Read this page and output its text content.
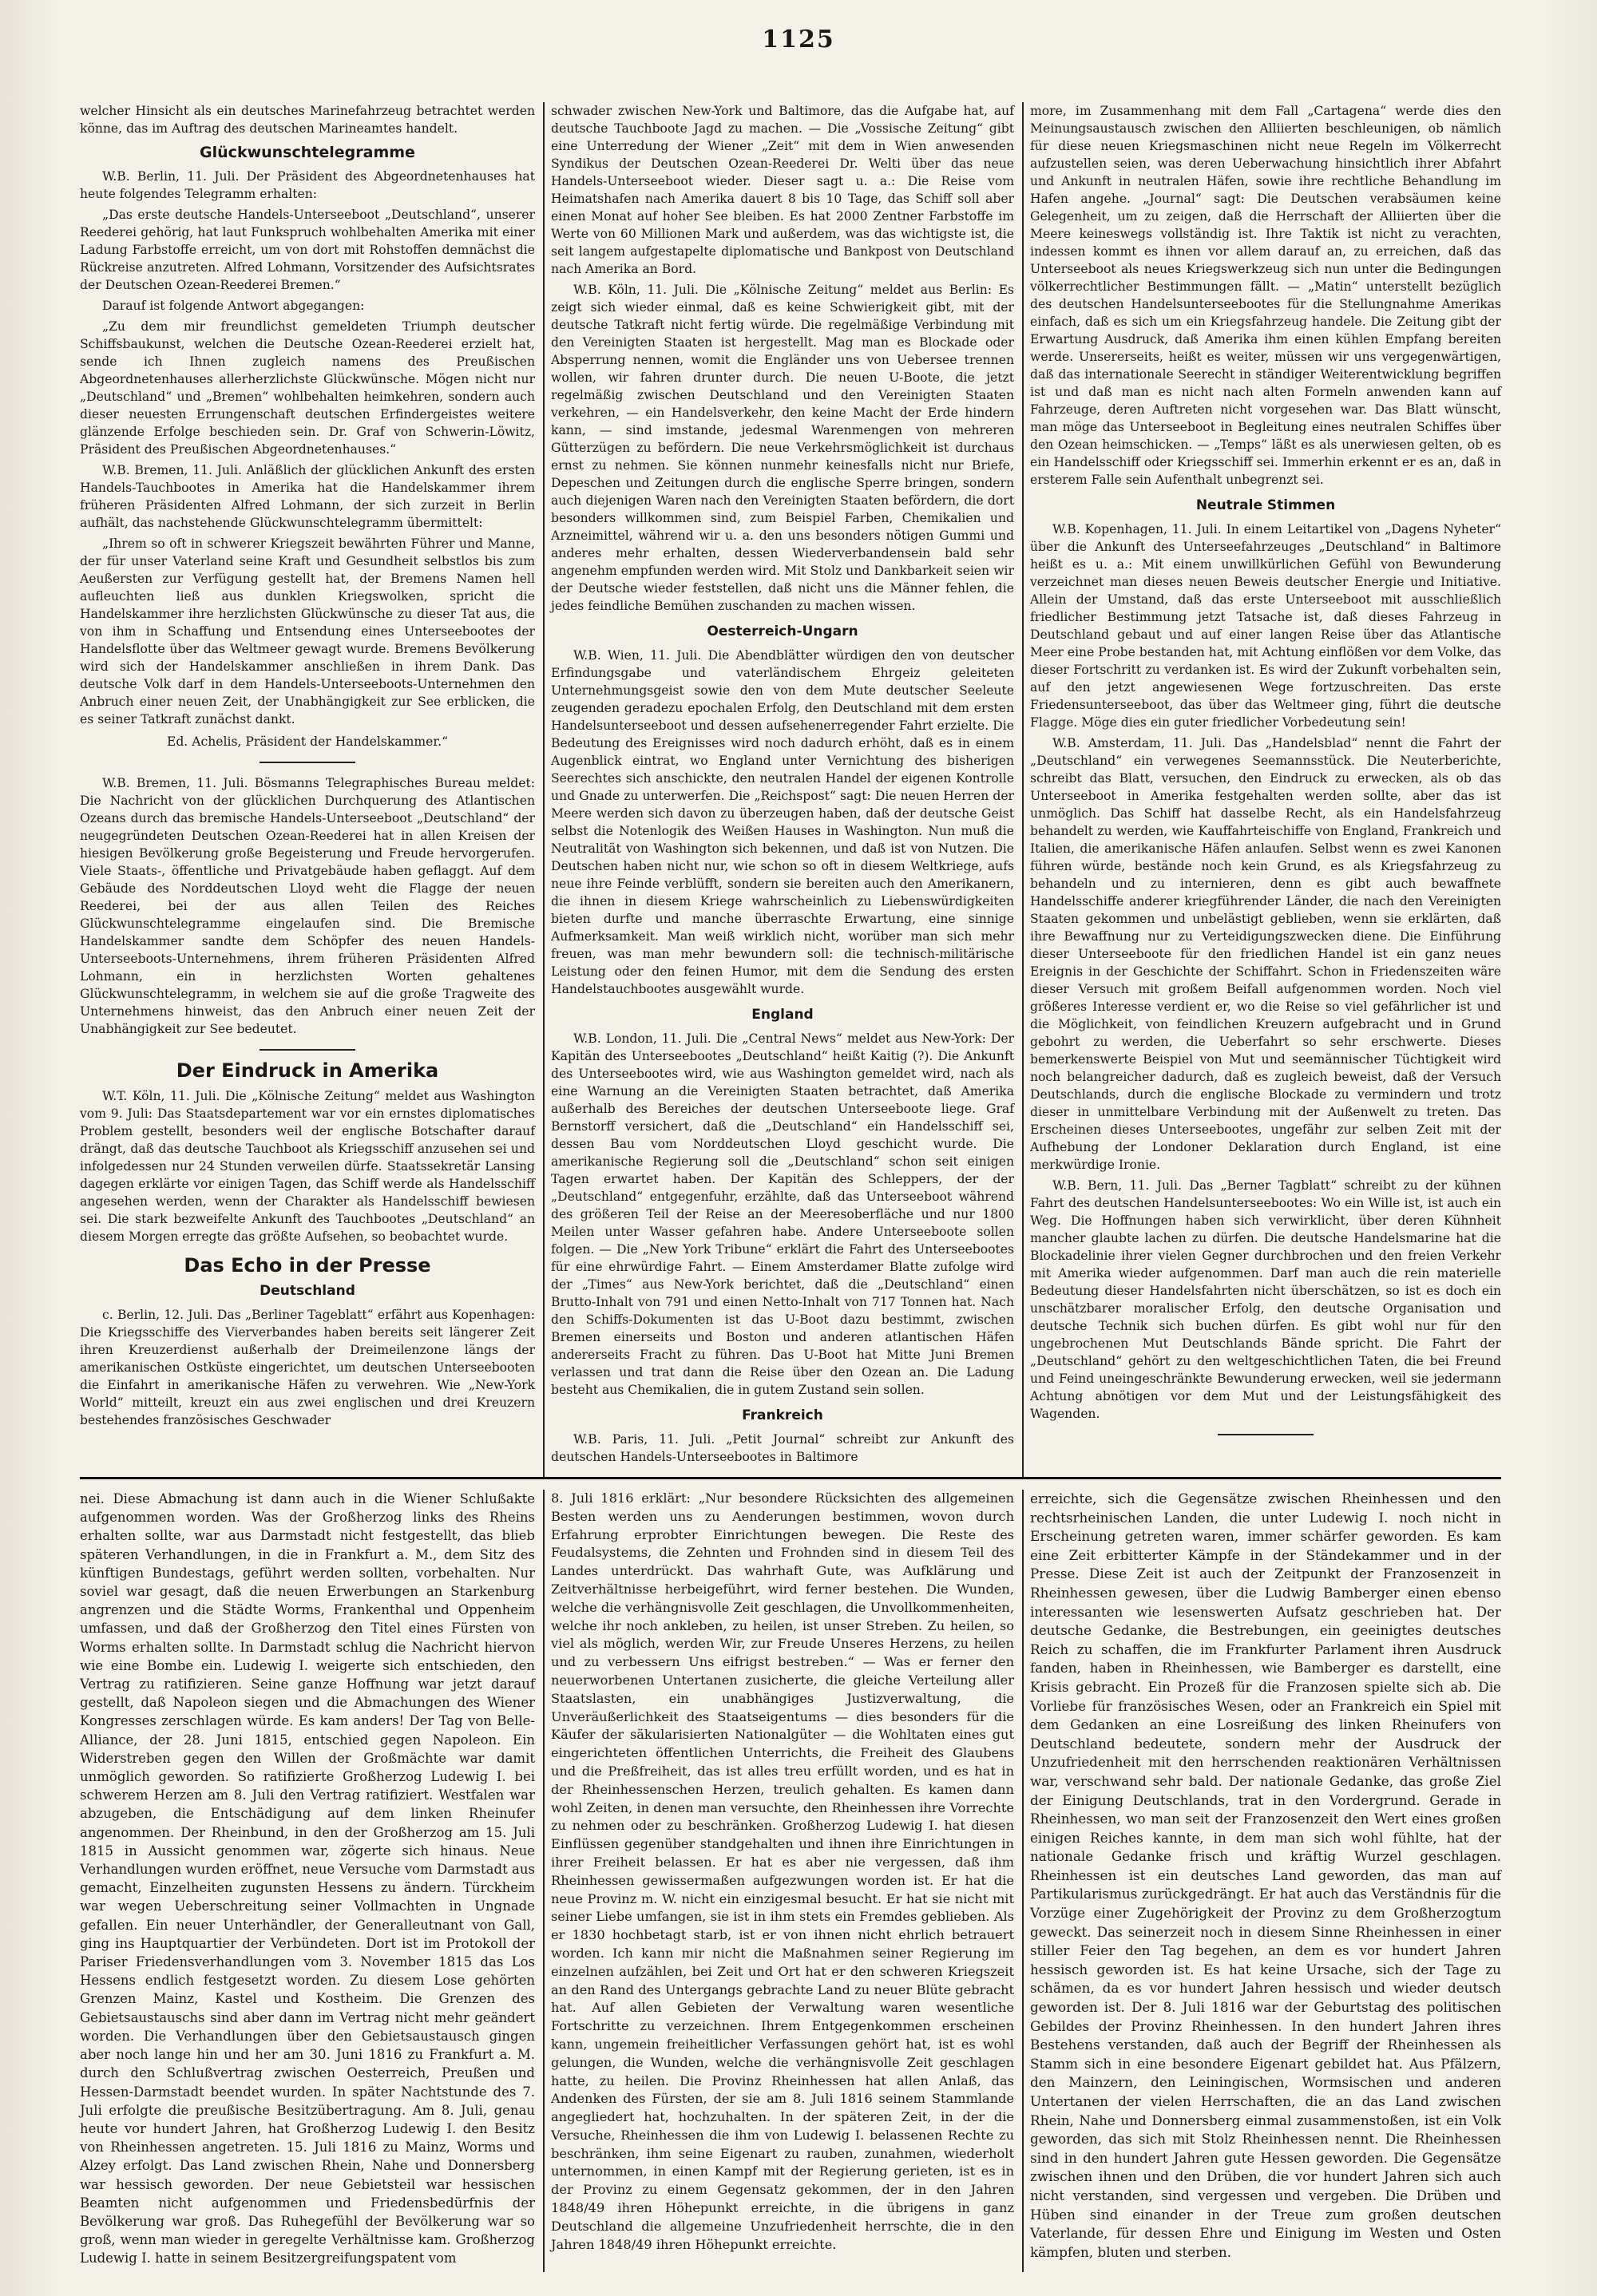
1125

welcher Hinsicht als ein deutsches Marinefahrzeug betrachtet werden könne, das im Auftrag des deutschen Marineamtes handelt.

Glückwunschtelegramme

W.B. Berlin, 11. Juli. Der Präsident des Abgeordnetenhauses hat heute folgendes Telegramm erhalten:

„Das erste deutsche Handels-Unterseeboot „Deutschland“, unserer Reederei gehörig, hat laut Funkspruch wohlbehalten Amerika mit einer Ladung Farbstoffe erreicht, um von dort mit Rohstoffen demnächst die Rückreise anzutreten. Alfred Lohmann, Vorsitzender des Aufsichtsrates der Deutschen Ozean-Reederei Bremen.“

Darauf ist folgende Antwort abgegangen:

„Zu dem mir freundlichst gemeldeten Triumph deutscher Schiffsbaukunst, welchen die Deutsche Ozean-Reederei erzielt hat, sende ich Ihnen zugleich namens des Preußischen Abgeordnetenhauses allerherzlichste Glückwünsche. Mögen nicht nur „Deutschland“ und „Bremen“ wohlbehalten heimkehren, sondern auch dieser neuesten Errungenschaft deutschen Erfindergeistes weitere glänzende Erfolge beschieden sein. Dr. Graf von Schwerin-Löwitz, Präsident des Preußischen Abgeordnetenhauses.“

W.B. Bremen, 11. Juli. Anläßlich der glücklichen Ankunft des ersten Handels-Tauchbootes in Amerika hat die Handelskammer ihrem früheren Präsidenten Alfred Lohmann, der sich zurzeit in Berlin aufhält, das nachstehende Glückwunschtelegramm übermittelt:

„Ihrem so oft in schwerer Kriegszeit bewährten Führer und Manne, der für unser Vaterland seine Kraft und Gesundheit selbstlos bis zum Aeußersten zur Verfügung gestellt hat, der Bremens Namen hell aufleuchten ließ aus dunklen Kriegswolken, spricht die Handelskammer ihre herzlichsten Glückwünsche zu dieser Tat aus, die von ihm in Schaffung und Entsendung eines Unterseebootes der Handelsflotte über das Weltmeer gewagt wurde. Bremens Bevölkerung wird sich der Handelskammer anschließen in ihrem Dank. Das deutsche Volk darf in dem Handels-Unterseeboots-Unternehmen den Anbruch einer neuen Zeit, der Unabhängigkeit zur See erblicken, die es seiner Tatkraft zunächst dankt.

Ed. Achelis, Präsident der Handelskammer.“

W.B. Bremen, 11. Juli. Bösmanns Telegraphisches Bureau meldet: Die Nachricht von der glücklichen Durchquerung des Atlantischen Ozeans durch das bremische Handels-Unterseeboot „Deutschland“ der neugegründeten Deutschen Ozean-Reederei hat in allen Kreisen der hiesigen Bevölkerung große Begeisterung und Freude hervorgerufen. Viele Staats-, öffentliche und Privatgebäude haben geflaggt. Auf dem Gebäude des Norddeutschen Lloyd weht die Flagge der neuen Reederei, bei der aus allen Teilen des Reiches Glückwunschtelegramme eingelaufen sind. Die Bremische Handelskammer sandte dem Schöpfer des neuen Handels-Unterseeboots-Unternehmens, ihrem früheren Präsidenten Alfred Lohmann, ein in herzlichsten Worten gehaltenes Glückwunschtelegramm, in welchem sie auf die große Tragweite des Unternehmens hinweist, das den Anbruch einer neuen Zeit der Unabhängigkeit zur See bedeutet.

Der Eindruck in Amerika

W.T. Köln, 11. Juli. Die „Kölnische Zeitung“ meldet aus Washington vom 9. Juli: Das Staatsdepartement war vor ein ernstes diplomatisches Problem gestellt, besonders weil der englische Botschafter darauf drängt, daß das deutsche Tauchboot als Kriegsschiff anzusehen sei und infolgedessen nur 24 Stunden verweilen dürfe. Staatssekretär Lansing dagegen erklärte vor einigen Tagen, das Schiff werde als Handelsschiff angesehen werden, wenn der Charakter als Handelsschiff bewiesen sei. Die stark bezweifelte Ankunft des Tauchbootes „Deutschland“ an diesem Morgen erregte das größte Aufsehen, so beobachtet wurde.

Das Echo in der Presse
Deutschland

c. Berlin, 12. Juli. Das „Berliner Tageblatt“ erfährt aus Kopenhagen: Die Kriegsschiffe des Vierverbandes haben bereits seit längerer Zeit ihren Kreuzerdienst außerhalb der Dreimeilenzone längs der amerikanischen Ostküste eingerichtet, um deutschen Unterseebooten die Einfahrt in amerikanische Häfen zu verwehren. Wie „New-York World“ mitteilt, kreuzt ein aus zwei englischen und drei Kreuzern bestehendes französisches Geschwader

schwader zwischen New-York und Baltimore, das die Aufgabe hat, auf deutsche Tauchboote Jagd zu machen. — Die „Vossische Zeitung“ gibt eine Unterredung der Wiener „Zeit“ mit dem in Wien anwesenden Syndikus der Deutschen Ozean-Reederei Dr. Welti über das neue Handels-Unterseeboot wieder. Dieser sagt u. a.: Die Reise vom Heimatshafen nach Amerika dauert 8 bis 10 Tage, das Schiff soll aber einen Monat auf hoher See bleiben. Es hat 2000 Zentner Farbstoffe im Werte von 60 Millionen Mark und außerdem, was das wichtigste ist, die seit langem aufgestapelte diplomatische und Bankpost von Deutschland nach Amerika an Bord.

W.B. Köln, 11. Juli. Die „Kölnische Zeitung“ meldet aus Berlin: Es zeigt sich wieder einmal, daß es keine Schwierigkeit gibt, mit der deutsche Tatkraft nicht fertig würde. Die regelmäßige Verbindung mit den Vereinigten Staaten ist hergestellt. Mag man es Blockade oder Absperrung nennen, womit die Engländer uns von Uebersee trennen wollen, wir fahren drunter durch. Die neuen U-Boote, die jetzt regelmäßig zwischen Deutschland und den Vereinigten Staaten verkehren, — ein Handelsverkehr, den keine Macht der Erde hindern kann, — sind imstande, jedesmal Warenmengen von mehreren Gütterzügen zu befördern. Die neue Verkehrsmöglichkeit ist durchaus ernst zu nehmen. Sie können nunmehr keinesfalls nicht nur Briefe, Depeschen und Zeitungen durch die englische Sperre bringen, sondern auch diejenigen Waren nach den Vereinigten Staaten befördern, die dort besonders willkommen sind, zum Beispiel Farben, Chemikalien und Arzneimittel, während wir u. a. den uns besonders nötigen Gummi und anderes mehr erhalten, dessen Wiederverbandensein bald sehr angenehm empfunden werden wird. Mit Stolz und Dankbarkeit seien wir der Deutsche wieder feststellen, daß nicht uns die Männer fehlen, die jedes feindliche Bemühen zuschanden zu machen wissen.

Oesterreich-Ungarn

W.B. Wien, 11. Juli. Die Abendblätter würdigen den von deutscher Erfindungsgabe und vaterländischem Ehrgeiz geleiteten Unternehmungsgeist sowie den von dem Mute deutscher Seeleute zeugenden geradezu epochalen Erfolg, den Deutschland mit dem ersten Handelsunterseeboot und dessen aufsehenerregender Fahrt erzielte. Die Bedeutung des Ereignisses wird noch dadurch erhöht, daß es in einem Augenblick eintrat, wo England unter Vernichtung des bisherigen Seerechtes sich anschickte, den neutralen Handel der eigenen Kontrolle und Gnade zu unterwerfen. Die „Reichspost“ sagt: Die neuen Herren der Meere werden sich davon zu überzeugen haben, daß der deutsche Geist selbst die Notenlogik des Weißen Hauses in Washington. Nun muß die Neutralität von Washington sich bekennen, und daß ist von Nutzen. Die Deutschen haben nicht nur, wie schon so oft in diesem Weltkriege, aufs neue ihre Feinde verblüfft, sondern sie bereiten auch den Amerikanern, die ihnen in diesem Kriege wahrscheinlich zu Liebenswürdigkeiten bieten durfte und manche überraschte Erwartung, eine sinnige Aufmerksamkeit. Man weiß wirklich nicht, worüber man sich mehr freuen, was man mehr bewundern soll: die technisch-militärische Leistung oder den feinen Humor, mit dem die Sendung des ersten Handelstauchbootes ausgewählt wurde.

England

W.B. London, 11. Juli. Die „Central News“ meldet aus New-York: Der Kapitän des Unterseebootes „Deutschland“ heißt Kaitig (?). Die Ankunft des Unterseebootes wird, wie aus Washington gemeldet wird, nach als eine Warnung an die Vereinigten Staaten betrachtet, daß Amerika außerhalb des Bereiches der deutschen Unterseeboote liege. Graf Bernstorff versichert, daß die „Deutschland“ ein Handelsschiff sei, dessen Bau vom Norddeutschen Lloyd geschicht wurde. Die amerikanische Regierung soll die „Deutschland“ schon seit einigen Tagen erwartet haben. Der Kapitän des Schleppers, der der „Deutschland“ entgegenfuhr, erzählte, daß das Unterseeboot während des größeren Teil der Reise an der Meeresoberfläche und nur 1800 Meilen unter Wasser gefahren habe. Andere Unterseeboote sollen folgen. — Die „New York Tribune“ erklärt die Fahrt des Unterseebootes für eine ehrwürdige Fahrt. — Einem Amsterdamer Blatte zufolge wird der „Times“ aus New-York berichtet, daß die „Deutschland“ einen Brutto-Inhalt von 791 und einen Netto-Inhalt von 717 Tonnen hat. Nach den Schiffs-Dokumenten ist das U-Boot dazu bestimmt, zwischen Bremen einerseits und Boston und anderen atlantischen Häfen andererseits Fracht zu führen. Das U-Boot hat Mitte Juni Bremen verlassen und trat dann die Reise über den Ozean an. Die Ladung besteht aus Chemikalien, die in gutem Zustand sein sollen.

Frankreich

W.B. Paris, 11. Juli. „Petit Journal“ schreibt zur Ankunft des deutschen Handels-Unterseebootes in Baltimore

more, im Zusammenhang mit dem Fall „Cartagena“ werde dies den Meinungsaustausch zwischen den Alliierten beschleunigen, ob nämlich für diese neuen Kriegsmaschinen nicht neue Regeln im Völkerrecht aufzustellen seien, was deren Ueberwachung hinsichtlich ihrer Abfahrt und Ankunft in neutralen Häfen, sowie ihre rechtliche Behandlung im Hafen angehe. „Journal“ sagt: Die Deutschen verabsäumen keine Gelegenheit, um zu zeigen, daß die Herrschaft der Alliierten über die Meere keineswegs vollständig ist. Ihre Taktik ist nicht zu verachten, indessen kommt es ihnen vor allem darauf an, zu erreichen, daß das Unterseeboot als neues Kriegswerkzeug sich nun unter die Bedingungen völkerrechtlicher Bestimmungen fällt. — „Matin“ unterstellt bezüglich des deutschen Handelsunterseebootes für die Stellungnahme Amerikas einfach, daß es sich um ein Kriegsfahrzeug handele. Die Zeitung gibt der Erwartung Ausdruck, daß Amerika ihm einen kühlen Empfang bereiten werde. Unsererseits, heißt es weiter, müssen wir uns vergegenwärtigen, daß das internationale Seerecht in ständiger Weiterentwicklung begriffen ist und daß man es nicht nach alten Formeln anwenden kann auf Fahrzeuge, deren Auftreten nicht vorgesehen war. Das Blatt wünscht, man möge das Unterseeboot in Begleitung eines neutralen Schiffes über den Ozean heimschicken. — „Temps“ läßt es als unerwiesen gelten, ob es ein Handelsschiff oder Kriegsschiff sei. Immerhin erkennt er es an, daß in ersterem Falle sein Aufenthalt unbegrenzt sei.

Neutrale Stimmen

W.B. Kopenhagen, 11. Juli. In einem Leitartikel von „Dagens Nyheter“ über die Ankunft des Unterseefahrzeuges „Deutschland“ in Baltimore heißt es u. a.: Mit einem unwillkürlichen Gefühl von Bewunderung verzeichnet man dieses neuen Beweis deutscher Energie und Initiative. Allein der Umstand, daß das erste Unterseeboot mit ausschließlich friedlicher Bestimmung jetzt Tatsache ist, daß dieses Fahrzeug in Deutschland gebaut und auf einer langen Reise über das Atlantische Meer eine Probe bestanden hat, mit Achtung einflößen vor dem Volke, das dieser Fortschritt zu verdanken ist. Es wird der Zukunft vorbehalten sein, auf den jetzt angewiesenen Wege fortzuschreiten. Das erste Friedensunterseeboot, das über das Weltmeer ging, führt die deutsche Flagge. Möge dies ein guter friedlicher Vorbedeutung sein!

W.B. Amsterdam, 11. Juli. Das „Handelsblad“ nennt die Fahrt der „Deutschland“ ein verwegenes Seemannsstück. Die Neuterberichte, schreibt das Blatt, versuchen, den Eindruck zu erwecken, als ob das Unterseeboot in Amerika festgehalten werden sollte, aber das ist unmöglich. Das Schiff hat dasselbe Recht, als ein Handelsfahrzeug behandelt zu werden, wie Kauffahrteischiffe von England, Frankreich und Italien, die amerikanische Häfen anlaufen. Selbst wenn es zwei Kanonen führen würde, bestände noch kein Grund, es als Kriegsfahrzeug zu behandeln und zu internieren, denn es gibt auch bewaffnete Handelsschiffe anderer kriegführender Länder, die nach den Vereinigten Staaten gekommen und unbelästigt geblieben, wenn sie erklärten, daß ihre Bewaffnung nur zu Verteidigungszwecken diene. Die Einführung dieser Unterseeboote für den friedlichen Handel ist ein ganz neues Ereignis in der Geschichte der Schiffahrt. Schon in Friedenszeiten wäre dieser Versuch mit großem Beifall aufgenommen worden. Noch viel größeres Interesse verdient er, wo die Reise so viel gefährlicher ist und die Möglichkeit, von feindlichen Kreuzern aufgebracht und in Grund gebohrt zu werden, die Ueberfahrt so sehr erschwerte. Dieses bemerkenswerte Beispiel von Mut und seemännischer Tüchtigkeit wird noch belangreicher dadurch, daß es zugleich beweist, daß der Versuch Deutschlands, durch die englische Blockade zu vermindern und trotz dieser in unmittelbare Verbindung mit der Außenwelt zu treten. Das Erscheinen dieses Unterseebootes, ungefähr zur selben Zeit mit der Aufhebung der Londoner Deklaration durch England, ist eine merkwürdige Ironie.

W.B. Bern, 11. Juli. Das „Berner Tagblatt“ schreibt zu der kühnen Fahrt des deutschen Handelsunterseebootes: Wo ein Wille ist, ist auch ein Weg. Die Hoffnungen haben sich verwirklicht, über deren Kühnheit mancher glaubte lachen zu dürfen. Die deutsche Handelsmarine hat die Blockadelinie ihrer vielen Gegner durchbrochen und den freien Verkehr mit Amerika wieder aufgenommen. Darf man auch die rein materielle Bedeutung dieser Handelsfahrten nicht überschätzen, so ist es doch ein unschätzbarer moralischer Erfolg, den deutsche Organisation und deutsche Technik sich buchen dürfen. Es gibt wohl nur für den ungebrochenen Mut Deutschlands Bände spricht. Die Fahrt der „Deutschland“ gehört zu den weltgeschichtlichen Taten, die bei Freund und Feind uneingeschränkte Bewunderung erwecken, weil sie jedermann Achtung abnötigen vor dem Mut und der Leistungsfähigkeit des Wagenden.

nei. Diese Abmachung ist dann auch in die Wiener Schlußakte aufgenommen worden. Was der Großherzog links des Rheins erhalten sollte, war aus Darmstadt nicht festgestellt, das blieb späteren Verhandlungen, in die in Frankfurt a. M., dem Sitz des künftigen Bundestags, geführt werden sollten, vorbehalten. Nur soviel war gesagt, daß die neuen Erwerbungen an Starkenburg angrenzen und die Städte Worms, Frankenthal und Oppenheim umfassen, und daß der Großherzog den Titel eines Fürsten von Worms erhalten sollte. In Darmstadt schlug die Nachricht hiervon wie eine Bombe ein. Ludewig I. weigerte sich entschieden, den Vertrag zu ratifizieren. Seine ganze Hoffnung war jetzt darauf gestellt, daß Napoleon siegen und die Abmachungen des Wiener Kongresses zerschlagen würde. Es kam anders! Der Tag von Belle-Alliance, der 28. Juni 1815, entschied gegen Napoleon. Ein Widerstreben gegen den Willen der Großmächte war damit unmöglich geworden. So ratifizierte Großherzog Ludewig I. bei schwerem Herzen am 8. Juli den Vertrag ratifiziert. Westfalen war abzugeben, die Entschädigung auf dem linken Rheinufer angenommen. Der Rheinbund, in den der Großherzog am 15. Juli 1815 in Aussicht genommen war, zögerte sich hinaus. Neue Verhandlungen wurden eröffnet, neue Versuche vom Darmstadt aus gemacht, Einzelheiten zugunsten Hessens zu ändern. Türckheim war wegen Ueberschreitung seiner Vollmachten in Ungnade gefallen. Ein neuer Unterhändler, der Generalleutnant von Gall, ging ins Hauptquartier der Verbündeten. Dort ist im Protokoll der Pariser Friedensverhandlungen vom 3. November 1815 das Los Hessens endlich festgesetzt worden. Zu diesem Lose gehörten Grenzen Mainz, Kastel und Kostheim. Die Grenzen des Gebietsaustauschs sind aber dann im Vertrag nicht mehr geändert worden. Die Verhandlungen über den Gebietsaustausch gingen aber noch lange hin und her am 30. Juni 1816 zu Frankfurt a. M. durch den Schlußvertrag zwischen Oesterreich, Preußen und Hessen-Darmstadt beendet wurden. In später Nachtstunde des 7. Juli erfolgte die preußische Besitzübertragung. Am 8. Juli, genau heute vor hundert Jahren, hat Großherzog Ludewig I. den Besitz von Rheinhessen angetreten. 15. Juli 1816 zu Mainz, Worms und Alzey erfolgt. Das Land zwischen Rhein, Nahe und Donnersberg war hessisch geworden. Der neue Gebietsteil war hessischen Beamten nicht aufgenommen und Friedensbedürfnis der Bevölkerung war groß. Das Ruhegefühl der Bevölkerung war so groß, wenn man wieder in geregelte Verhältnisse kam. Großherzog Ludewig I. hatte in seinem Besitzergreifungspatent vom

8. Juli 1816 erklärt: „Nur besondere Rücksichten des allgemeinen Besten werden uns zu Aenderungen bestimmen, wovon durch Erfahrung erprobter Einrichtungen bewegen. Die Reste des Feudalsystems, die Zehnten und Frohnden sind in diesem Teil des Landes unterdrückt. Das wahrhaft Gute, was Aufklärung und Zeitverhältnisse herbeigeführt, wird ferner bestehen. Die Wunden, welche die verhängnisvolle Zeit geschlagen, die Unvollkommenheiten, welche ihr noch ankleben, zu heilen, ist unser Streben. Zu heilen, so viel als möglich, werden Wir, zur Freude Unseres Herzens, zu heilen und zu verbessern Uns eifrigst bestreben.“ — Was er ferner den neuerworbenen Untertanen zusicherte, die gleiche Verteilung aller Staatslasten, ein unabhängiges Justizverwaltung, die Unveräußerlichkeit des Staatseigentums — dies besonders für die Käufer der säkularisierten Nationalgüter — die Wohltaten eines gut eingerichteten öffentlichen Unterrichts, die Freiheit des Glaubens und die Preßfreiheit, das ist alles treu erfüllt worden, und es hat in der Rheinhessenschen Herzen, treulich gehalten. Es kamen dann wohl Zeiten, in denen man versuchte, den Rheinhessen ihre Vorrechte zu nehmen oder zu beschränken. Großherzog Ludewig I. hat diesen Einflüssen gegenüber standgehalten und ihnen ihre Einrichtungen in ihrer Freiheit belassen. Er hat es aber nie vergessen, daß ihm Rheinhessen gewissermaßen aufgezwungen worden ist. Er hat die neue Provinz m. W. nicht ein einzigesmal besucht. Er hat sie nicht mit seiner Liebe umfangen, sie ist in ihm stets ein Fremdes geblieben. Als er 1830 hochbetagt starb, ist er von ihnen nicht ehrlich betrauert worden. Ich kann mir nicht die Maßnahmen seiner Regierung im einzelnen aufzählen, bei Zeit und Ort hat er den schweren Kriegszeit an den Rand des Untergangs gebrachte Land zu neuer Blüte gebracht hat. Auf allen Gebieten der Verwaltung waren wesentliche Fortschritte zu verzeichnen. Ihrem Entgegenkommen erscheinen kann, ungemein freiheitlicher Verfassungen gehört hat, ist es wohl gelungen, die Wunden, welche die verhängnisvolle Zeit geschlagen hatte, zu heilen. Die Provinz Rheinhessen hat allen Anlaß, das Andenken des Fürsten, der sie am 8. Juli 1816 seinem Stammlande angegliedert hat, hochzuhalten. In der späteren Zeit, in der die Versuche, Rheinhessen die ihm von Ludewig I. belassenen Rechte zu beschränken, ihm seine Eigenart zu rauben, zunahmen, wiederholt unternommen, in einen Kampf mit der Regierung gerieten, ist es in der Provinz zu einem Gegensatz gekommen, der in den Jahren 1848/49 ihren Höhepunkt erreichte, in die übrigens in ganz Deutschland die allgemeine Unzufriedenheit herrschte, die in den Jahren 1848/49 ihren Höhepunkt erreichte.

erreichte, sich die Gegensätze zwischen Rheinhessen und den rechtsrheinischen Landen, die unter Ludewig I. noch nicht in Erscheinung getreten waren, immer schärfer geworden. Es kam eine Zeit erbitterter Kämpfe in der Ständekammer und in der Presse. Diese Zeit ist auch der Zeitpunkt der Franzosenzeit in Rheinhessen gewesen, über die Ludwig Bamberger einen ebenso interessanten wie lesenswerten Aufsatz geschrieben hat. Der deutsche Gedanke, die Bestrebungen, ein geeinigtes deutsches Reich zu schaffen, die im Frankfurter Parlament ihren Ausdruck fanden, haben in Rheinhessen, wie Bamberger es darstellt, eine Krisis gebracht. Ein Prozeß für die Franzosen spielte sich ab. Die Vorliebe für französisches Wesen, oder an Frankreich ein Spiel mit dem Gedanken an eine Losreißung des linken Rheinufers von Deutschland bedeutete, sondern mehr der Ausdruck der Unzufriedenheit mit den herrschenden reaktionären Verhältnissen war, verschwand sehr bald. Der nationale Gedanke, das große Ziel der Einigung Deutschlands, trat in den Vordergrund. Gerade in Rheinhessen, wo man seit der Franzosenzeit den Wert eines großen einigen Reiches kannte, in dem man sich wohl fühlte, hat der nationale Gedanke frisch und kräftig Wurzel geschlagen. Rheinhessen ist ein deutsches Land geworden, das man auf Partikularismus zurückgedrängt. Er hat auch das Verständnis für die Vorzüge einer Zugehörigkeit der Provinz zu dem Großherzogtum geweckt. Das seinerzeit noch in diesem Sinne Rheinhessen in einer stiller Feier den Tag begehen, an dem es vor hundert Jahren hessisch geworden ist. Es hat keine Ursache, sich der Tage zu schämen, da es vor hundert Jahren hessisch und wieder deutsch geworden ist. Der 8. Juli 1816 war der Geburtstag des politischen Gebildes der Provinz Rheinhessen. In den hundert Jahren ihres Bestehens verstanden, daß auch der Begriff der Rheinhessen als Stamm sich in eine besondere Eigenart gebildet hat. Aus Pfälzern, den Mainzern, den Leiningischen, Wormsischen und anderen Untertanen der vielen Herrschaften, die an das Land zwischen Rhein, Nahe und Donnersberg einmal zusammenstoßen, ist ein Volk geworden, das sich mit Stolz Rheinhessen nennt. Die Rheinhessen sind in den hundert Jahren gute Hessen geworden. Die Gegensätze zwischen ihnen und den Drüben, die vor hundert Jahren sich auch nicht verstanden, sind vergessen und vergeben. Die Drüben und Hüben sind einander in der Treue zum großen deutschen Vaterlande, für dessen Ehre und Einigung im Westen und Osten kämpfen, bluten und sterben.
